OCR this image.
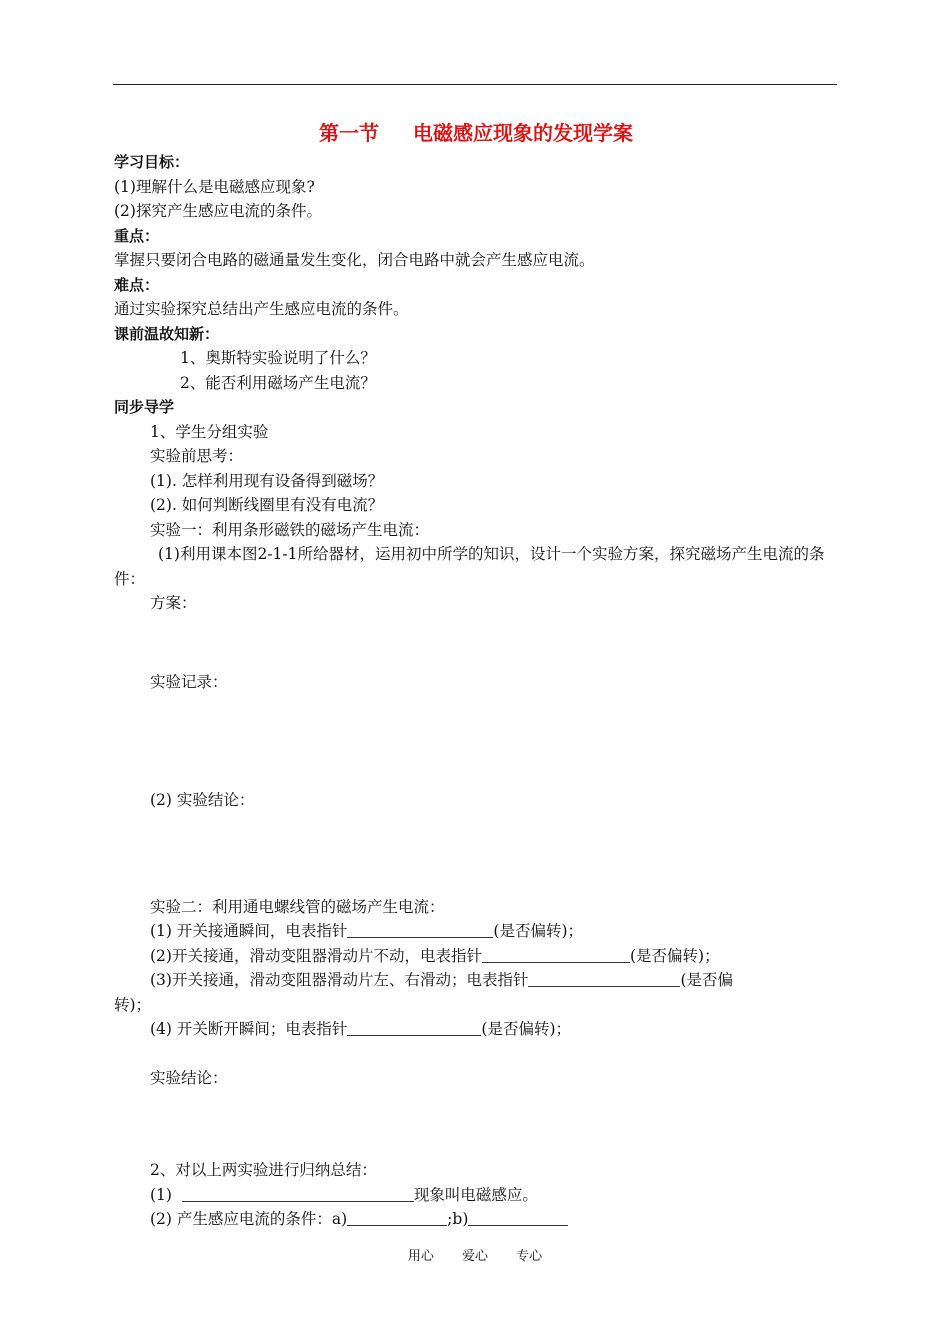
第一节 电磁感应现象的发现学案
学习目标：
(1)理解什么是电磁感应现象?
(2)探究产生感应电流的条件。
重点：
掌握只要闭合电路的磁通量发生变化，闭合电路中就会产生感应电流。
难点：
通过实验探究总结出产生感应电流的条件。
课前温故知新：
1、奥斯特实验说明了什么？
2、能否利用磁场产生电流？
同步导学
1、学生分组实验
实验前思考：
(1). 怎样利用现有设备得到磁场？
(2). 如何判断线圈里有没有电流？
实验一：利用条形磁铁的磁场产生电流：
(1)利用课本图2-1-1所给器材，运用初中所学的知识，设计一个实验方案，探究磁场产生电流的条件：
方案：
实验记录：
(2) 实验结论：
实验二：利用通电螺线管的磁场产生电流：
(1) 开关接通瞬间，电表指针	(是否偏转)；
(2)开关接通，滑动变阻器滑动片不动，电表指针	(是否偏转)；
(3)开关接通，滑动变阻器滑动片左、右滑动；电表指针	(是否偏
转)；
(4) 开关断开瞬间；电表指针	(是否偏转)；
实验结论：
2、对以上两实验进行归纳总结：
(1)	现象叫电磁感应。
(2) 产生感应电流的条件：a)	;b)
用心 爱心 专心
